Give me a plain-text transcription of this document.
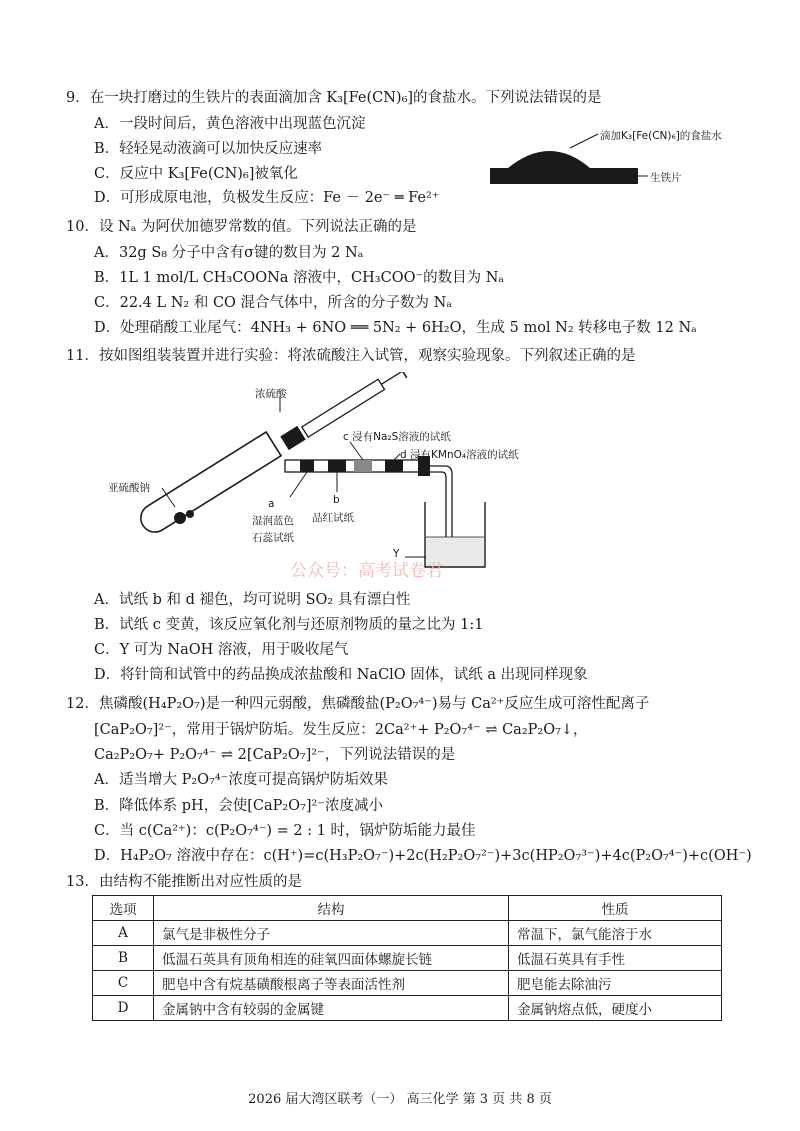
9．在一块打磨过的生铁片的表面滴加含 K₃[Fe(CN)₆]的食盐水。下列说法错误的是
A．一段时间后，黄色溶液中出现蓝色沉淀
B．轻轻晃动液滴可以加快反应速率
C．反应中 K₃[Fe(CN)₆]被氧化
D．可形成原电池，负极发生反应：Fe － 2e⁻ ═ Fe²⁺
滴加K₃[Fe(CN)₆]的食盐水
生铁片
10．设 Nₐ 为阿伏加德罗常数的值。下列说法正确的是
A．32g S₈ 分子中含有σ键的数目为 2 Nₐ
B．1L 1 mol/L CH₃COONa 溶液中，CH₃COO⁻的数目为 Nₐ
C．22.4 L N₂ 和 CO 混合气体中，所含的分子数为 Nₐ
D．处理硝酸工业尾气：4NH₃ + 6NO ══ 5N₂ + 6H₂O，生成 5 mol N₂ 转移电子数 12 Nₐ
11．按如图组装装置并进行实验：将浓硫酸注入试管，观察实验现象。下列叙述正确的是
浓硫酸
c 浸有Na₂S溶液的试纸
d 浸有KMnO₄溶液的试纸
亚硫酸钠
a
湿润蓝色
石蕊试纸
b
品红试纸
Y
公众号：高考试卷君
A．试纸 b 和 d 褪色，均可说明 SO₂ 具有漂白性
B．试纸 c 变黄，该反应氧化剂与还原剂物质的量之比为 1:1
C．Y 可为 NaOH 溶液，用于吸收尾气
D．将针筒和试管中的药品换成浓盐酸和 NaClO 固体，试纸 a 出现同样现象
12．焦磷酸(H₄P₂O₇)是一种四元弱酸，焦磷酸盐(P₂O₇⁴⁻)易与 Ca²⁺反应生成可溶性配离子
[CaP₂O₇]²⁻，常用于锅炉防垢。发生反应：2Ca²⁺+ P₂O₇⁴⁻ ⇌ Ca₂P₂O₇↓，
Ca₂P₂O₇+ P₂O₇⁴⁻ ⇌ 2[CaP₂O₇]²⁻，下列说法错误的是
A．适当增大 P₂O₇⁴⁻浓度可提高锅炉防垢效果
B．降低体系 pH，会使[CaP₂O₇]²⁻浓度减小
C．当 c(Ca²⁺)：c(P₂O₇⁴⁻) = 2 : 1 时，锅炉防垢能力最佳
D．H₄P₂O₇ 溶液中存在：c(H⁺)=c(H₃P₂O₇⁻)+2c(H₂P₂O₇²⁻)+3c(HP₂O₇³⁻)+4c(P₂O₇⁴⁻)+c(OH⁻)
13．由结构不能推断出对应性质的是
选项	结构	性质
A	氯气是非极性分子	常温下，氯气能溶于水
B	低温石英具有顶角相连的硅氧四面体螺旋长链	低温石英具有手性
C	肥皂中含有烷基磺酸根离子等表面活性剂	肥皂能去除油污
D	金属钠中含有较弱的金属键	金属钠熔点低，硬度小
2026 届大湾区联考（一） 高三化学 第 3 页 共 8 页
